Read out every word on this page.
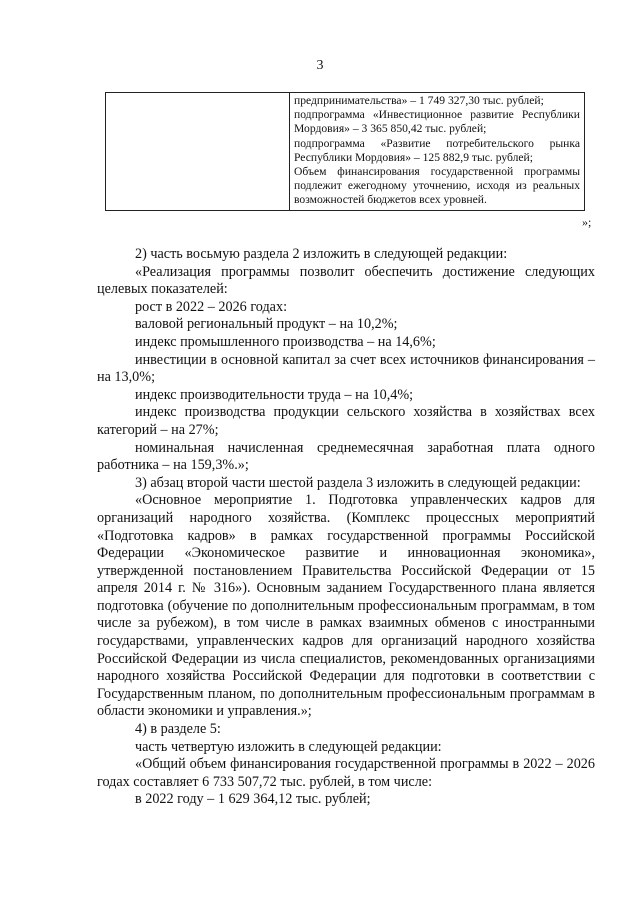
3

предпринимательства» – 1 749 327,30 тыс. рублей;
подпрограмма «Инвестиционное развитие Республики Мордовия» – 3 365 850,42 тыс. рублей;
подпрограмма «Развитие потребительского рынка Республики Мордовия» – 125 882,9 тыс. рублей;
Объем финансирования государственной программы подлежит ежегодному уточнению, исходя из реальных возможностей бюджетов всех уровней.
»;

2) часть восьмую раздела 2 изложить в следующей редакции:

«Реализация программы позволит обеспечить достижение следующих целевых показателей:

рост в 2022 – 2026 годах:

валовой региональный продукт – на 10,2%;

индекс промышленного производства – на 14,6%;

инвестиции в основной капитал за счет всех источников финансирования – на 13,0%;

индекс производительности труда – на 10,4%;

индекс производства продукции сельского хозяйства в хозяйствах всех категорий – на 27%;

номинальная начисленная среднемесячная заработная плата одного работника – на 159,3%.»;

3) абзац второй части шестой раздела 3 изложить в следующей редакции:

«Основное мероприятие 1. Подготовка управленческих кадров для организаций народного хозяйства. (Комплекс процессных мероприятий «Подготовка кадров» в рамках государственной программы Российской Федерации «Экономическое развитие и инновационная экономика», утвержденной постановлением Правительства Российской Федерации от 15 апреля 2014 г. № 316»). Основным заданием Государственного плана является подготовка (обучение по дополнительным профессиональным программам, в том числе за рубежом), в том числе в рамках взаимных обменов с иностранными государствами, управленческих кадров для организаций народного хозяйства Российской Федерации из числа специалистов, рекомендованных организациями народного хозяйства Российской Федерации для подготовки в соответствии с Государственным планом, по дополнительным профессиональным программам в области экономики и управления.»;

4) в разделе 5:

часть четвертую изложить в следующей редакции:

«Общий объем финансирования государственной программы в 2022 – 2026 годах составляет 6 733 507,72 тыс. рублей, в том числе:

в 2022 году – 1 629 364,12 тыс. рублей;
